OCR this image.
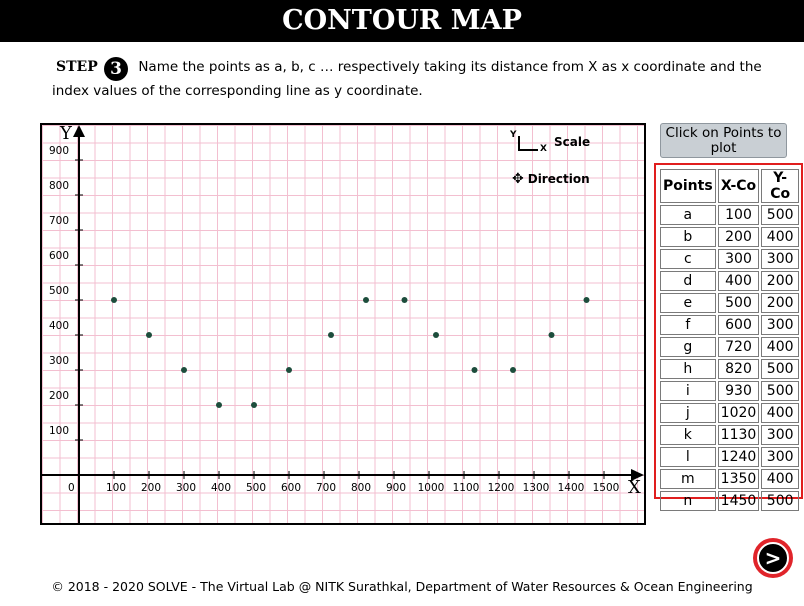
CONTOUR MAP
STEP 3 Name the points as a, b, c … respectively taking its distance from X as x coordinate and the index values of the corresponding line as y coordinate.
Y
X
0	100 200 300 400 500 600 700 800 900 1000 1100 1200 1300 1400 1500
100
200
300
400
500
600
700
800
900
Y
X Scale
✥ Direction
Click on Points to plot
Points	X-Co	Y-Co
a	100	500
b	200	400
c	300	300
d	400	200
e	500	200
f	600	300
g	720	400
h	820	500
i	930	500
j	1020	400
k	1130	300
l	1240	300
m	1350	400
n	1450	500
>
© 2018 - 2020 SOLVE - The Virtual Lab @ NITK Surathkal, Department of Water Resources & Ocean Engineering
